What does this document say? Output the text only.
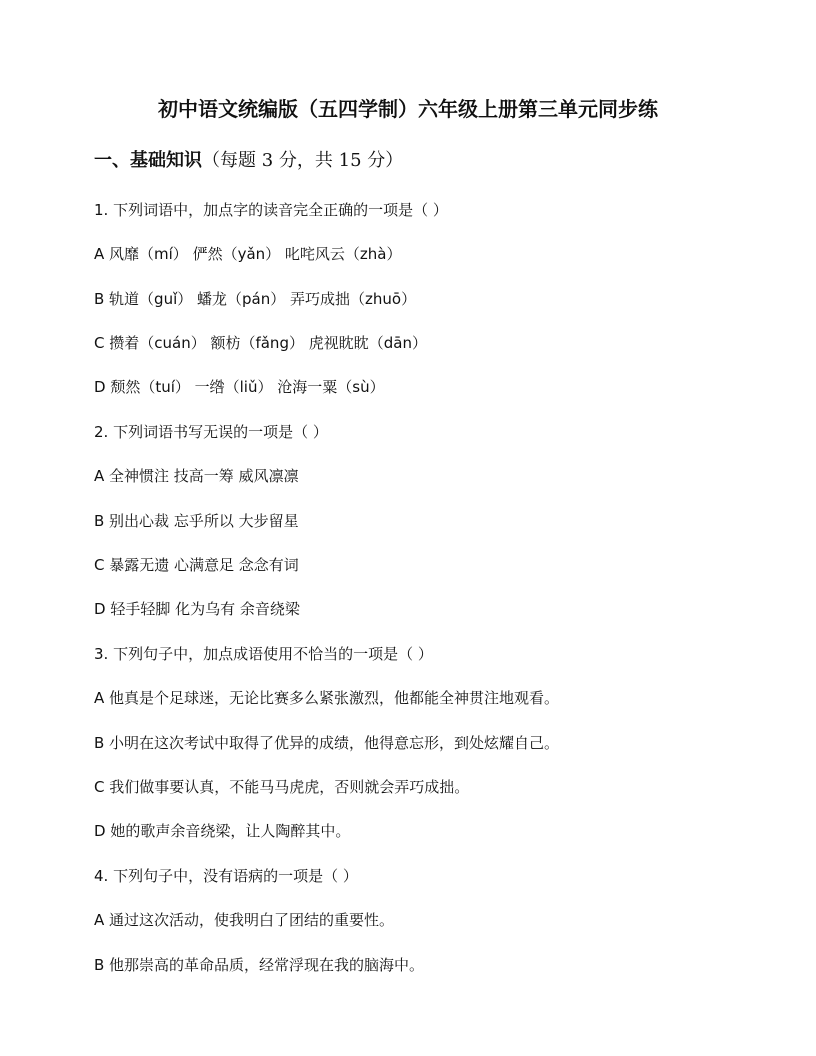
初中语文统编版（五四学制）六年级上册第三单元同步练
一、基础知识（每题 3 分，共 15 分）
1. 下列词语中，加点字的读音完全正确的一项是（ ）
A 风靡（mí） 俨然（yǎn） 叱咤风云（zhà）
B 轨道（guǐ） 蟠龙（pán） 弄巧成拙（zhuō）
C 攒着（cuán） 额枋（fǎng） 虎视眈眈（dān）
D 颓然（tuí） 一绺（liǔ） 沧海一粟（sù）
2. 下列词语书写无误的一项是（ ）
A 全神惯注 技高一筹 威风凛凛
B 别出心裁 忘乎所以 大步留星
C 暴露无遗 心满意足 念念有词
D 轻手轻脚 化为乌有 余音绕梁
3. 下列句子中，加点成语使用不恰当的一项是（ ）
A 他真是个足球迷，无论比赛多么紧张激烈，他都能全神贯注地观看。
B 小明在这次考试中取得了优异的成绩，他得意忘形，到处炫耀自己。
C 我们做事要认真，不能马马虎虎，否则就会弄巧成拙。
D 她的歌声余音绕梁，让人陶醉其中。
4. 下列句子中，没有语病的一项是（ ）
A 通过这次活动，使我明白了团结的重要性。
B 他那崇高的革命品质，经常浮现在我的脑海中。
